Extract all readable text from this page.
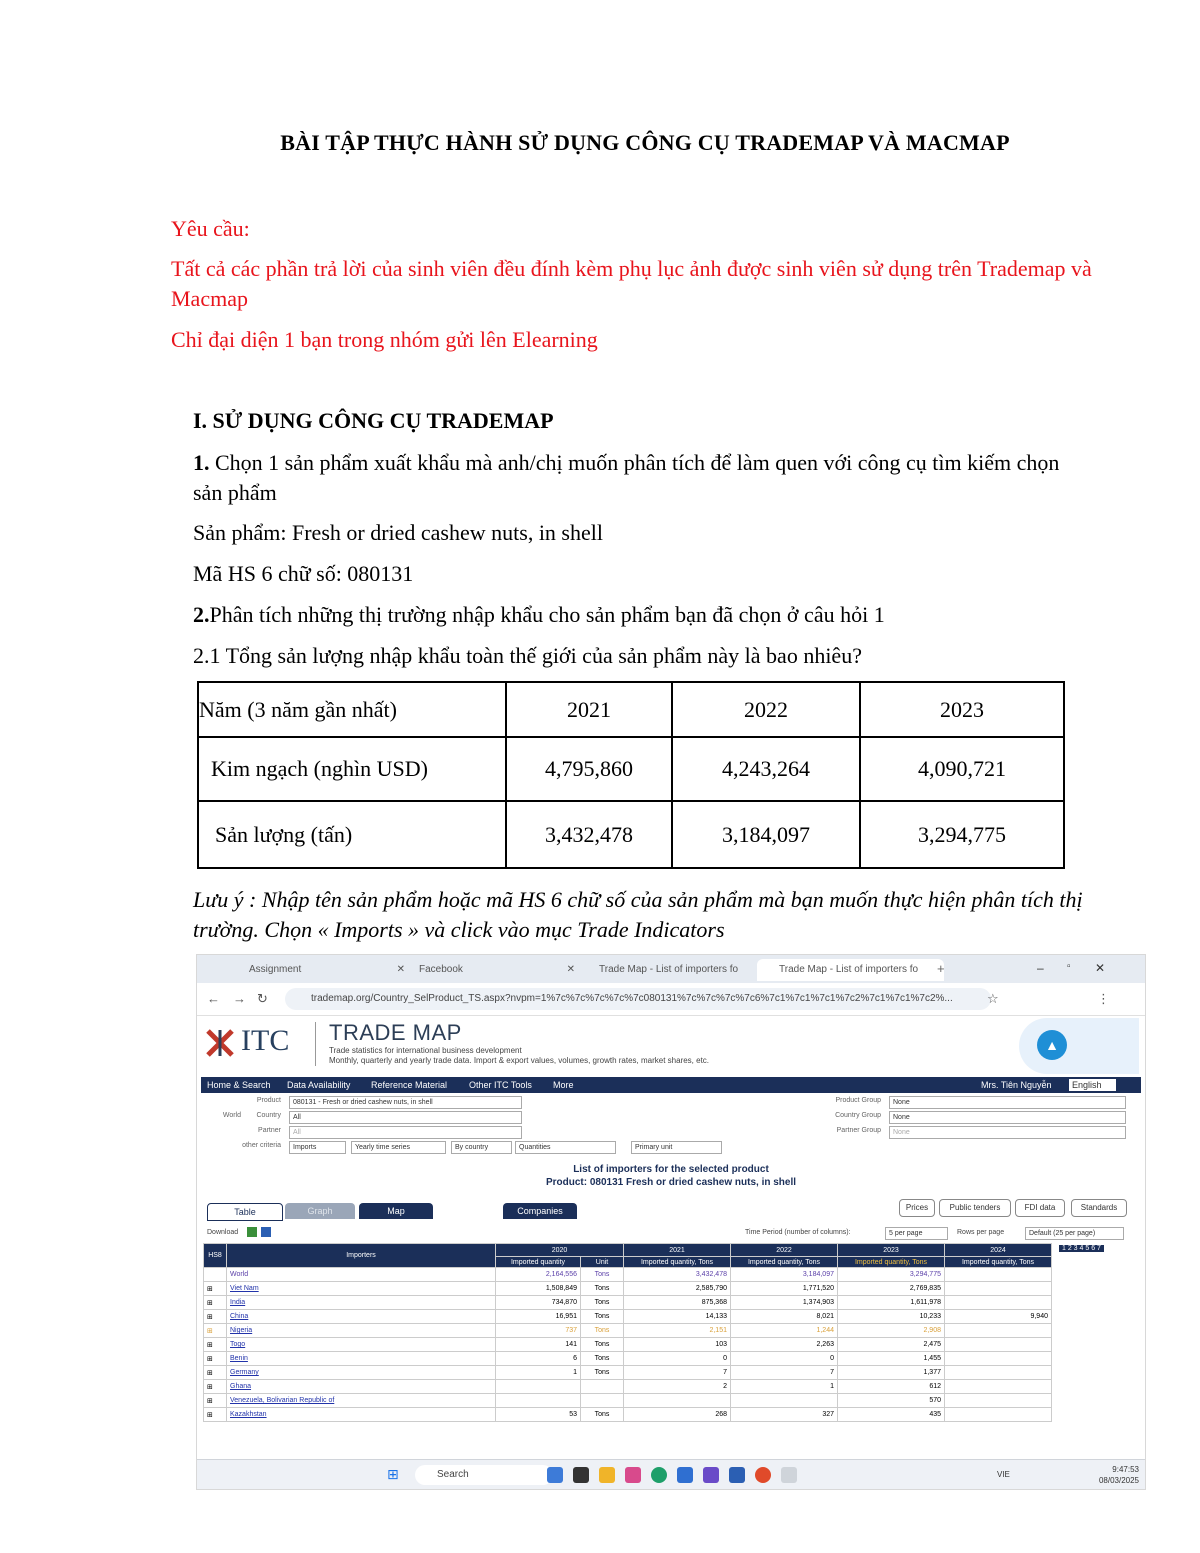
BÀI TẬP THỰC HÀNH SỬ DỤNG CÔNG CỤ TRADEMAP VÀ MACMAP
Yêu cầu:
Tất cả các phần trả lời của sinh viên đều đính kèm phụ lục ảnh được sinh viên sử dụng trên Trademap và Macmap
Chỉ đại diện 1 bạn trong nhóm gửi lên Elearning
I. SỬ DỤNG CÔNG CỤ TRADEMAP
1. Chọn 1 sản phẩm xuất khẩu mà anh/chị muốn phân tích để làm quen với công cụ tìm kiếm chọn sản phẩm
Sản phẩm: Fresh or dried cashew nuts, in shell
Mã HS 6 chữ số: 080131
2.Phân tích những thị trường nhập khẩu cho sản phẩm bạn đã chọn ở câu hỏi 1
2.1 Tổng sản lượng nhập khẩu toàn thế giới của sản phẩm này là bao nhiêu?
Năm (3 năm gần nhất)	2021	2022	2023
Kim ngạch (nghìn USD)	4,795,860	4,243,264	4,090,721
Sản lượng (tấn)	3,432,478	3,184,097	3,294,775
Lưu ý : Nhập tên sản phẩm hoặc mã HS 6 chữ số của sản phẩm mà bạn muốn thực hiện phân tích thị trường. Chọn « Imports » và click vào mục Trade Indicators
Assignment	✕	Facebook	✕	Trade Map - List of importers fo	Trade Map - List of importers fo	+	– ▫ ✕
← → ↻	trademap.org/Country_SelProduct_TS.aspx?nvpm=1%7c%7c%7c%7c%7c080131%7c%7c%7c%7c6%7c1%7c1%7c1%7c2%7c1%7c1%7c2%...	☆	⋮
ITC TRADE MAP
Trade statistics for international business development
Monthly, quarterly and yearly trade data. Import & export values, volumes, growth rates, market shares, etc.
▲
Home & Search Data Availability Reference Material Other ITC Tools More	Mrs. Tiên Nguyễn	English
Product	080131 - Fresh or dried cashew nuts, in shell
World	Country	All
Partner	All
other criteria	Imports	Yearly time series	By country	Quantities	Primary unit
Product Group	None
Country Group	None
Partner Group	None
List of importers for the selected product
Product: 080131 Fresh or dried cashew nuts, in shell
Table	Graph	Map	Companies	Prices	Public tenders	FDI data	Standards
Download	Time Period (number of columns):	5 per page	Rows per page	Default (25 per page)
1 2 3 4 5 6 7
HS8	Importers	2020		2021	2022	2023	2024
		Imported quantity	Unit	Imported quantity, Tons	Imported quantity, Tons	Imported quantity, Tons	Imported quantity, Tons
	World	2,164,556	Tons	3,432,478	3,184,097	3,294,775	
⊞	Viet Nam	1,508,849	Tons	2,585,790	1,771,520	2,769,835	
⊞	India	734,870	Tons	875,368	1,374,903	1,611,978	
⊞	China	16,951	Tons	14,133	8,021	10,233	9,940
⊞	Nigeria	737	Tons	2,151	1,244	2,908	
⊞	Togo	141	Tons	103	2,263	2,475	
⊞	Benin	6	Tons	0	0	1,455	
⊞	Germany	1	Tons	7	7	1,377	
⊞	Ghana			2	1	612	
⊞	Venezuela, Bolivarian Republic of					570	
⊞	Kazakhstan	53	Tons	268	327	435	
⊞	Search	VIE
9:47:53
08/03/2025
